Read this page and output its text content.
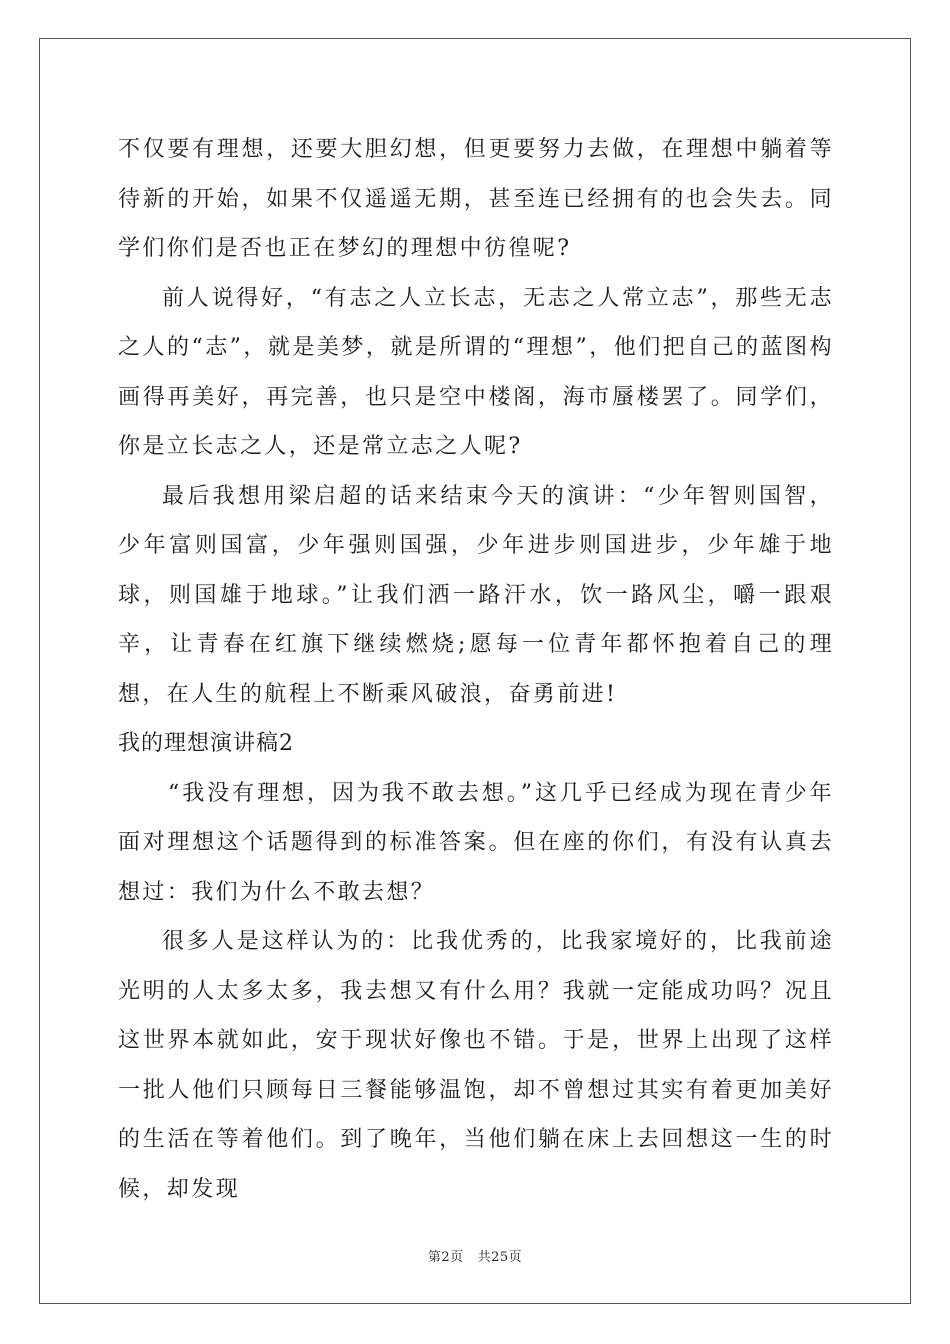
不仅要有理想，还要大胆幻想，但更要努力去做，在理想中躺着等待新的开始，如果不仅遥遥无期，甚至连已经拥有的也会失去。同学们你们是否也正在梦幻的理想中彷徨呢?

前人说得好，“有志之人立长志，无志之人常立志”，那些无志之人的“志”，就是美梦，就是所谓的“理想”，他们把自己的蓝图构画得再美好，再完善，也只是空中楼阁，海市蜃楼罢了。同学们，你是立长志之人，还是常立志之人呢?

最后我想用梁启超的话来结束今天的演讲：“少年智则国智，少年富则国富，少年强则国强，少年进步则国进步，少年雄于地球，则国雄于地球。”让我们洒一路汗水，饮一路风尘，嚼一跟艰辛，让青春在红旗下继续燃烧;愿每一位青年都怀抱着自己的理想，在人生的航程上不断乘风破浪，奋勇前进!

我的理想演讲稿2

“我没有理想，因为我不敢去想。”这几乎已经成为现在青少年面对理想这个话题得到的标准答案。但在座的你们，有没有认真去想过：我们为什么不敢去想？

很多人是这样认为的：比我优秀的，比我家境好的，比我前途光明的人太多太多，我去想又有什么用？我就一定能成功吗？况且这世界本就如此，安于现状好像也不错。于是，世界上出现了这样一批人他们只顾每日三餐能够温饱，却不曾想过其实有着更加美好的生活在等着他们。到了晚年，当他们躺在床上去回想这一生的时候，却发现

第2页 共25页
